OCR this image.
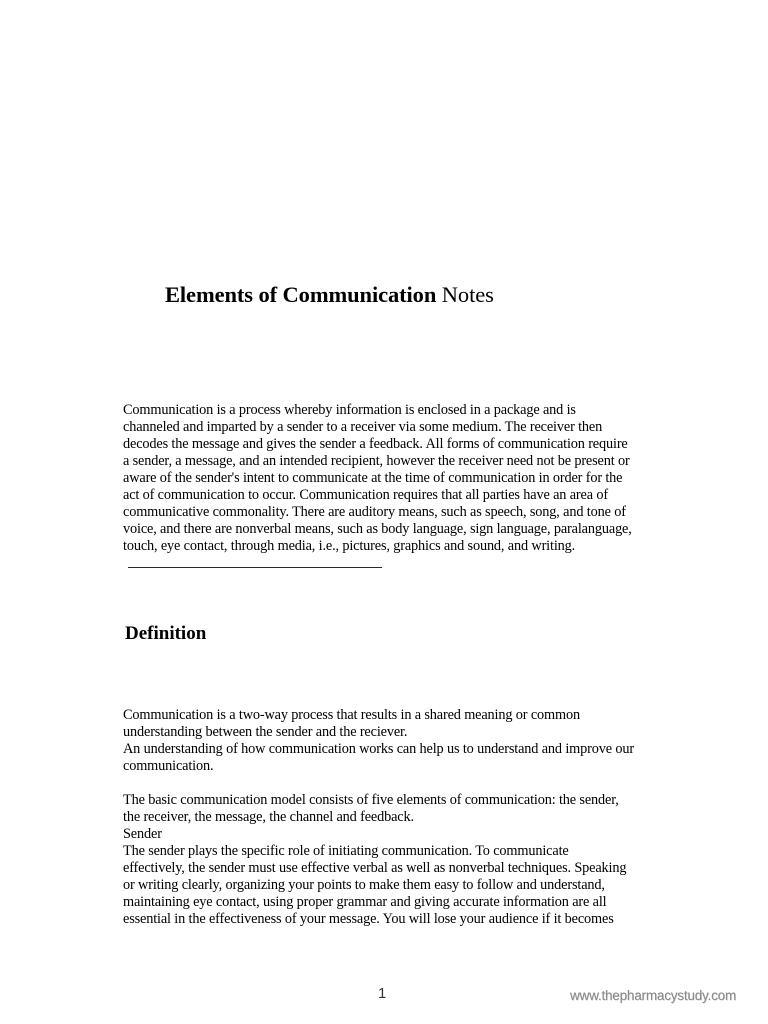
Elements of Communication Notes

Communication is a process whereby information is enclosed in a package and is
channeled and imparted by a sender to a receiver via some medium. The receiver then
decodes the message and gives the sender a feedback. All forms of communication require
a sender, a message, and an intended recipient, however the receiver need not be present or
aware of the sender's intent to communicate at the time of communication in order for the
act of communication to occur. Communication requires that all parties have an area of
communicative commonality. There are auditory means, such as speech, song, and tone of
voice, and there are nonverbal means, such as body language, sign language, paralanguage,
touch, eye contact, through media, i.e., pictures, graphics and sound, and writing.

Definition

Communication is a two-way process that results in a shared meaning or common
understanding between the sender and the reciever.
An understanding of how communication works can help us to understand and improve our
communication.

The basic communication model consists of five elements of communication: the sender,
the receiver, the message, the channel and feedback.
Sender
The sender plays the specific role of initiating communication. To communicate
effectively, the sender must use effective verbal as well as nonverbal techniques. Speaking
or writing clearly, organizing your points to make them easy to follow and understand,
maintaining eye contact, using proper grammar and giving accurate information are all
essential in the effectiveness of your message. You will lose your audience if it becomes

1	www.thepharmacystudy.com
